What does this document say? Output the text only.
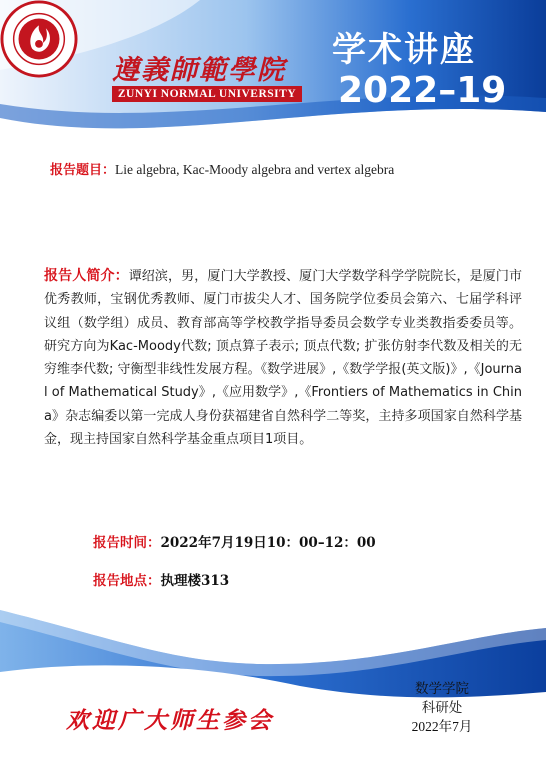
遵義師範學院
ZUNYI NORMAL UNIVERSITY
学术讲座
2022–19
报告题目：Lie algebra, Kac-Moody algebra and vertex algebra
报告人简介：谭绍滨，男，厦门大学教授、厦门大学数学科学学院院长，是厦门市优秀教师，宝钢优秀教师、厦门市拔尖人才、国务院学位委员会第六、七届学科评议组（数学组）成员、教育部高等学校教学指导委员会数学专业类教指委委员等。研究方向为Kac-Moody代数; 顶点算子表示; 顶点代数; 扩张仿射李代数及相关的无穷维李代数; 守衡型非线性发展方程。《数学进展》,《数学学报(英文版)》,《Journal of Mathematical Study》,《应用数学》,《Frontiers of Mathematics in China》杂志编委以第一完成人身份获福建省自然科学二等奖，主持多项国家自然科学基金，现主持国家自然科学基金重点项目1项目。
报告时间：2022年7月19日10：00–12：00
报告地点：执理楼313
欢迎广大师生参会
数学学院
科研处
2022年7月
